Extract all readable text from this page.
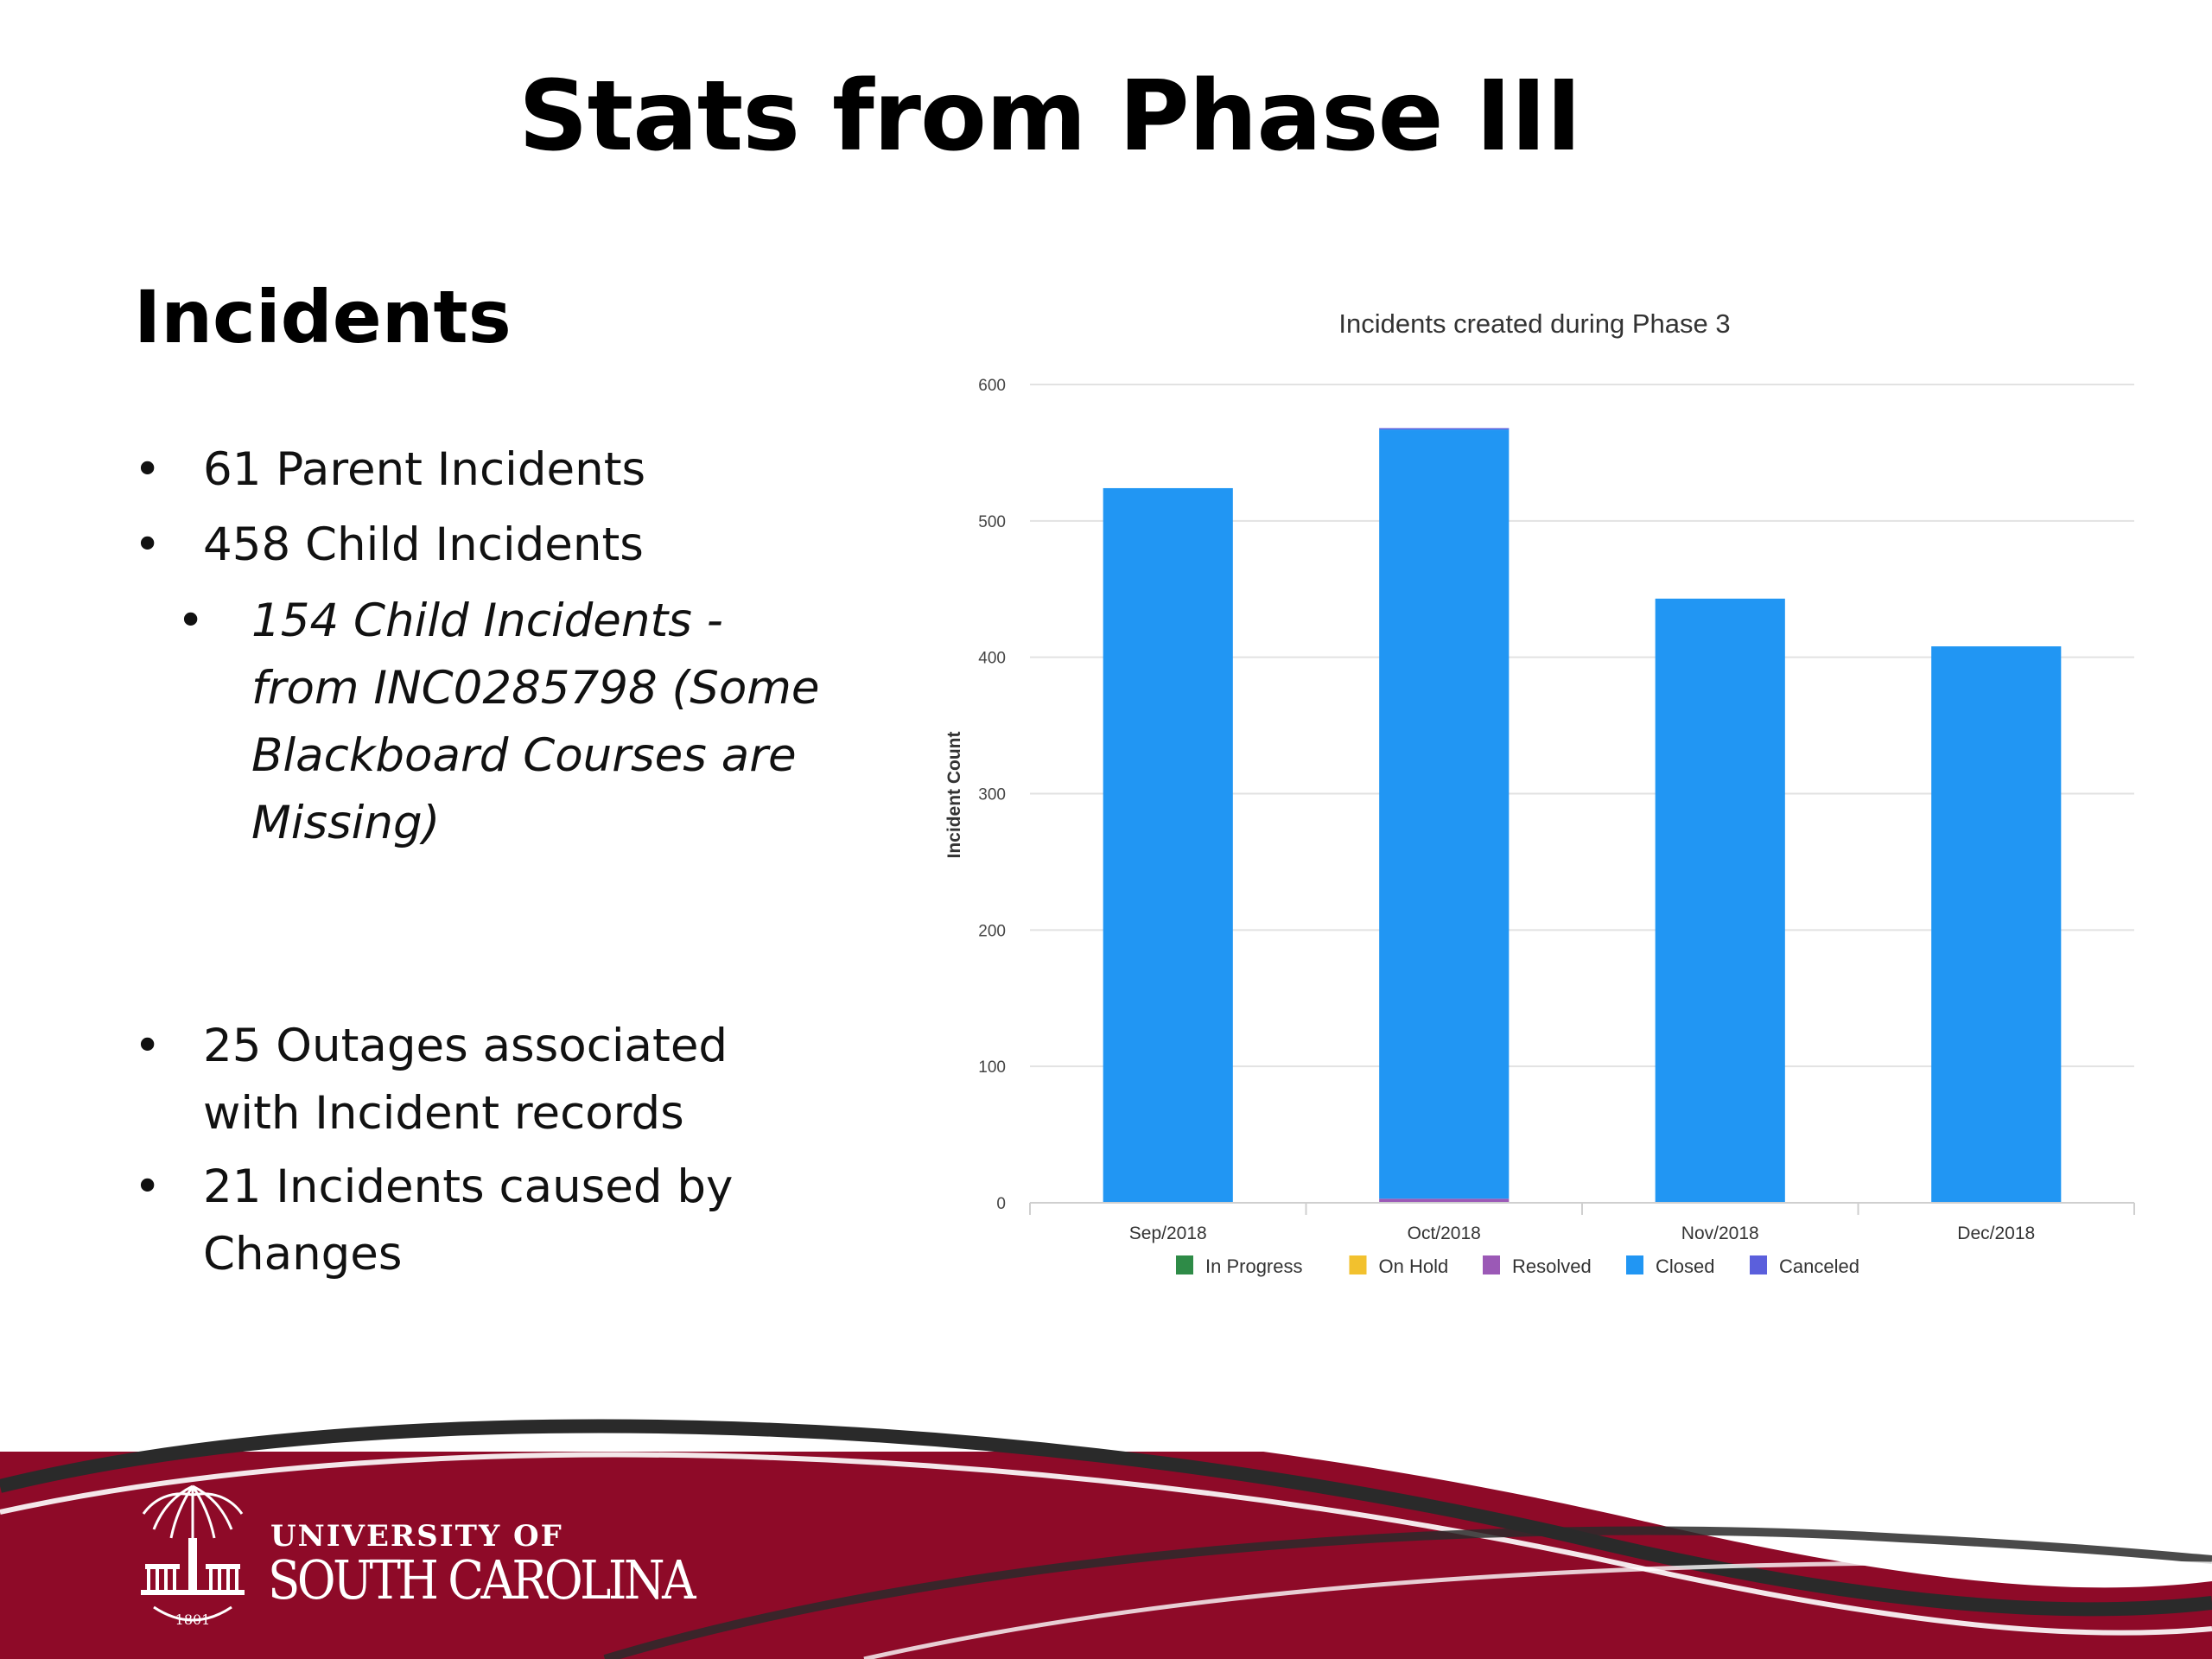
Stats from Phase III
Incidents
• 61 Parent Incidents
• 458 Child Incidents
•	154 Child Incidents -
from INC0285798 (Some
Blackboard Courses are
Missing)
• 25 Outages associated
with Incident records
• 21 Incidents caused by
Changes
Incidents created during Phase 3
Incident Count
0
100
200
300
400
500
600
Sep/2018	Oct/2018	Nov/2018	Dec/2018
In Progress	On Hold	Resolved	Closed	Canceled
1801
UNIVERSITY OF
SOUTH CAROLINA
